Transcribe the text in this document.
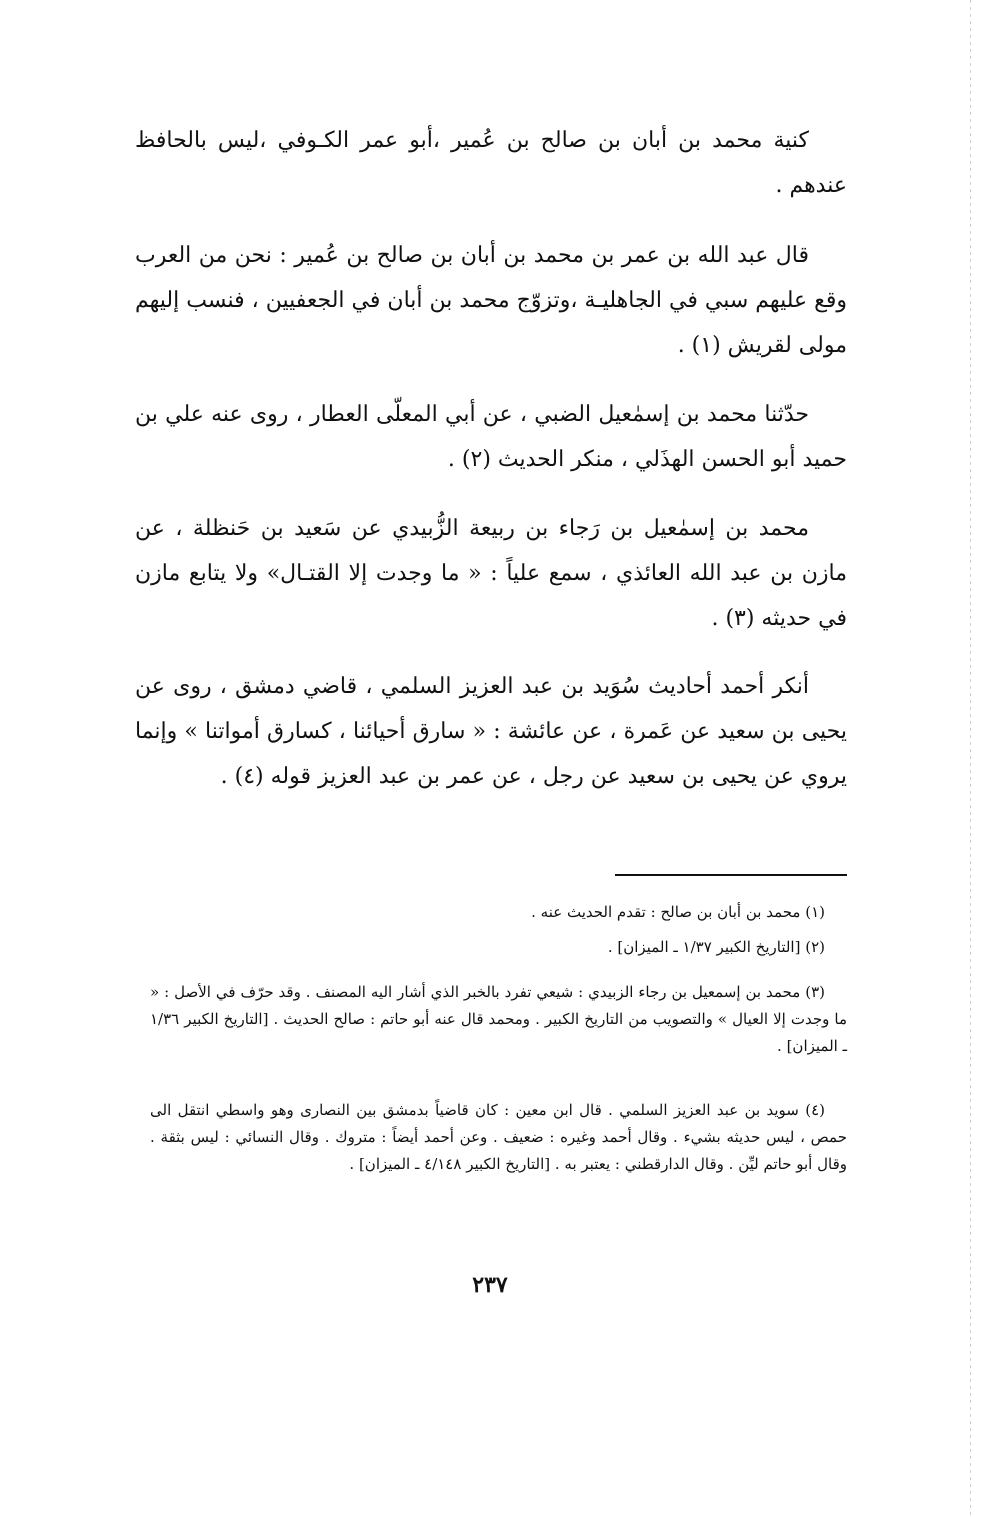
كنية محمد بن أبان بن صالح بن عُمير ،أبو عمر الكـوفي ،ليس بالحافظ عندهم .

قال عبد الله بن عمر بن محمد بن أبان بن صالح بن عُمير : نحن من العرب وقع عليهم سبي في الجاهليـة ،وتزوّج محمد بن أبان في الجعفيين ، فنسب إليهم مولى لقريش (١) .

حدّثنا محمد بن إسمٰعيل الضبي ، عن أبي المعلّى العطار ، روى عنه علي بن حميد أبو الحسن الهذَلي ، منكر الحديث (٢) .

محمد بن إسمٰعيل بن رَجاء بن ربيعة الزُّبيدي عن سَعيد بن حَنظلة ، عن مازن بن عبد الله العائذي ، سمع علياً : « ما وجدت إلا القتـال» ولا يتابع مازن في حديثه (٣) .

أنكر أحمد أحاديث سُوَيد بن عبد العزيز السلمي ، قاضي دمشق ، روى عن يحيى بن سعيد عن عَمرة ، عن عائشة : « سارق أحيائنا ، كسارق أمواتنا » وإنما يروي عن يحيى بن سعيد عن رجل ، عن عمر بن عبد العزيز قوله (٤) .

(١) محمد بن أبان بن صالح : تقدم الحديث عنه .

(٢) [التاريخ الكبير ١/٣٧ ـ الميزان] .

(٣) محمد بن إسمعيل بن رجاء الزبيدي : شيعي تفرد بالخبر الذي أشار اليه المصنف . وقد حرّف في الأصل : « ما وجدت إلا العيال » والتصويب من التاريخ الكبير . ومحمد قال عنه أبو حاتم : صالح الحديث . [التاريخ الكبير ١/٣٦ ـ الميزان] .

(٤) سويد بن عبد العزيز السلمي . قال ابن معين : كان قاضياً بدمشق بين النصارى وهو واسطي انتقل الى حمص ، ليس حديثه بشيء . وقال أحمد وغيره : ضعيف . وعن أحمد أيضاً : متروك . وقال النسائي : ليس بثقة . وقال أبو حاتم ليِّن . وقال الدارقطني : يعتبر به . [التاريخ الكبير ٤/١٤٨ ـ الميزان] .

٢٣٧
